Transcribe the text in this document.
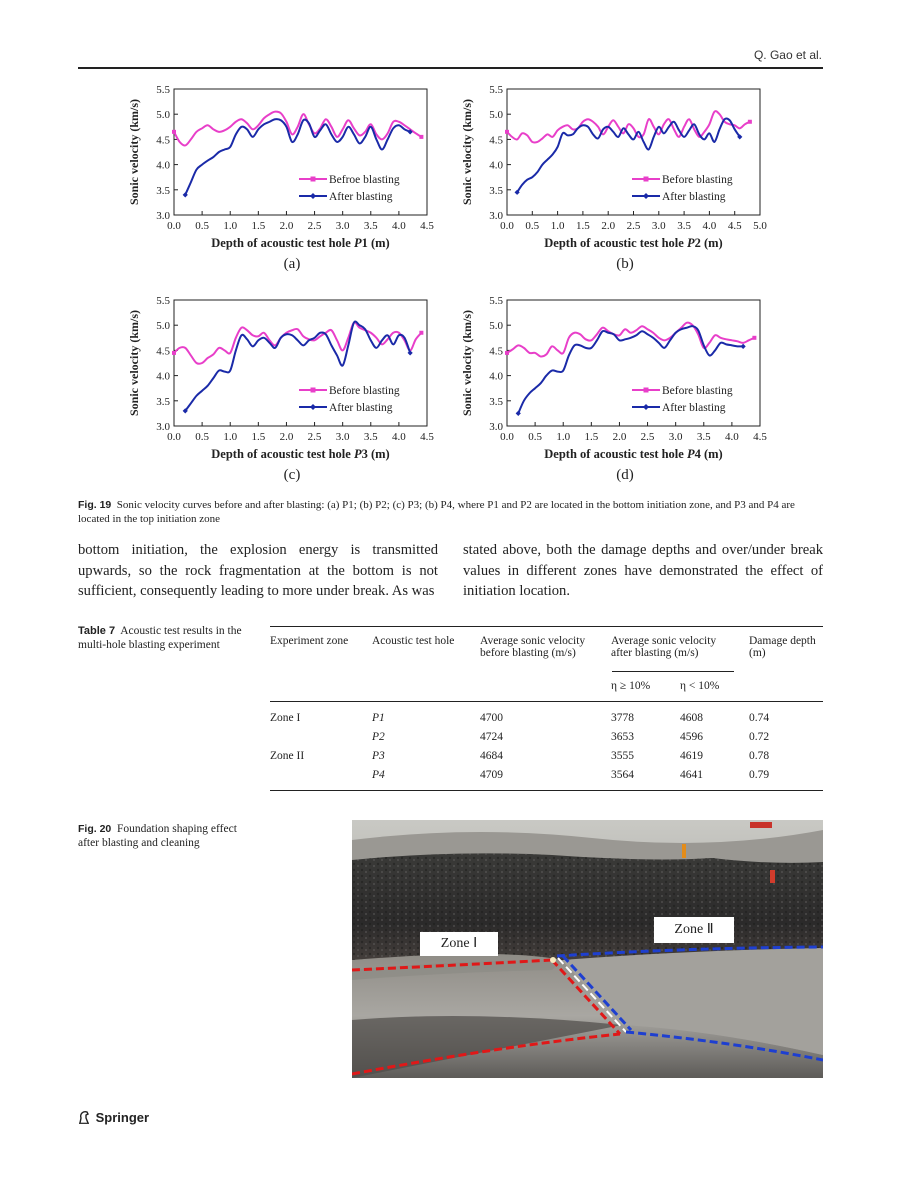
Q. Gao et al.
3.0
3.5
4.0
4.5
5.0
5.5
0.0 0.5 1.0 1.5 2.0 2.5 3.0 3.5 4.0 4.5
Sonic velocity (km/s)
Depth of acoustic test hole P1 (m)
Befroe blasting
After blasting
(a)
3.0
3.5
4.0
4.5
5.0
5.5
0.0 0.5 1.0 1.5 2.0 2.5 3.0 3.5 4.0 4.5 5.0
Sonic velocity (km/s)
Depth of acoustic test hole P2 (m)
Before blasting
After blasting
(b)
3.0
3.5
4.0
4.5
5.0
5.5
0.0 0.5 1.0 1.5 2.0 2.5 3.0 3.5 4.0 4.5
Sonic velocity (km/s)
Depth of acoustic test hole P3 (m)
Before blasting
After blasting
(c)
3.0
3.5
4.0
4.5
5.0
5.5
0.0 0.5 1.0 1.5 2.0 2.5 3.0 3.5 4.0 4.5
Sonic velocity (km/s)
Depth of acoustic test hole P4 (m)
Before blasting
After blasting
(d)
Fig. 19 Sonic velocity curves before and after blasting: (a) P1; (b) P2; (c) P3; (b) P4, where P1 and P2 are located in the bottom initiation zone, and P3 and P4 are located in the top initiation zone
bottom initiation, the explosion energy is transmitted upwards, so the rock fragmentation at the bottom is not sufficient, consequently leading to more under break. As was
stated above, both the damage depths and over/under break values in different zones have demonstrated the effect of initiation location.
Table 7 Acoustic test results in the multi-hole blasting experiment	Experiment zone	Acoustic test hole	Average sonic velocity before blasting (m/s)	Average sonic velocity after blasting (m/s)		Damage depth (m)
			η ≥ 10%	η < 10%	

Zone I	P1	4700	3778	4608	0.74
	P2	4724	3653	4596	0.72
Zone II	P3	4684	3555	4619	0.78
	P4	4709	3564	4641	0.79
Fig. 20 Foundation shaping effect after blasting and cleaning
Zone Ⅰ
Zone Ⅱ
Springer
